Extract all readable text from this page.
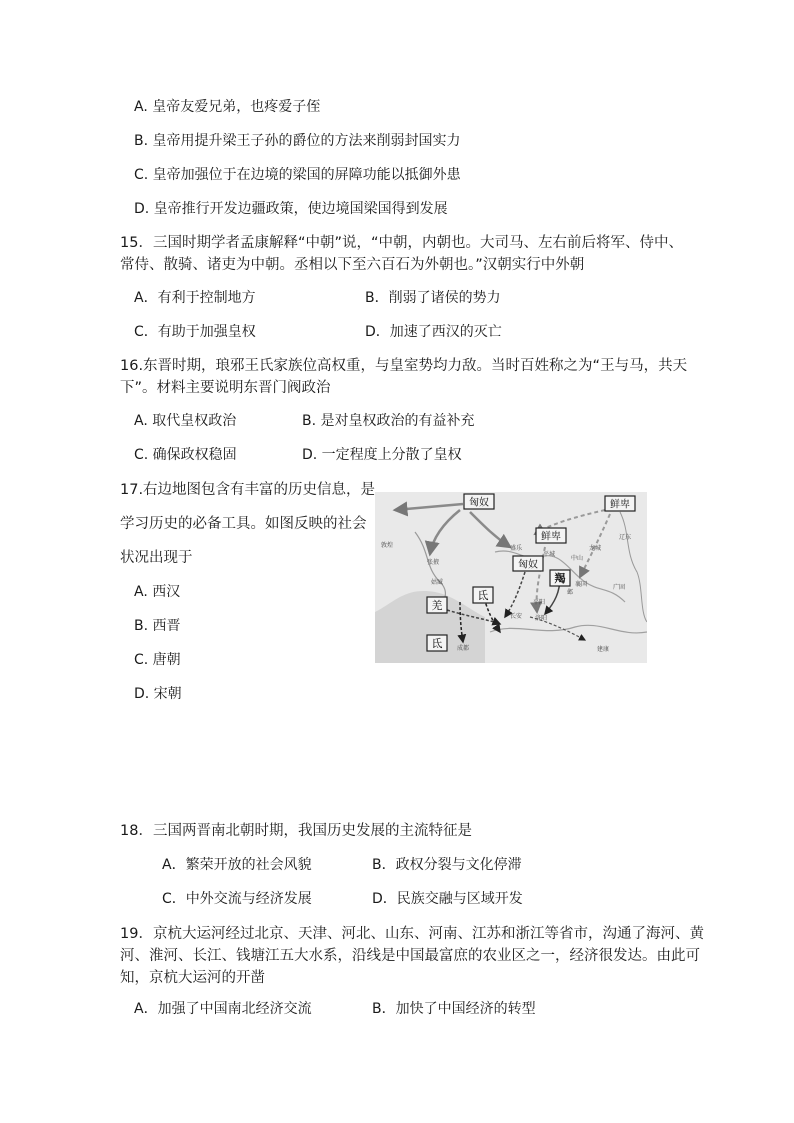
A. 皇帝友爱兄弟，也疼爱子侄
B. 皇帝用提升梁王子孙的爵位的方法来削弱封国实力
C. 皇帝加强位于在边境的梁国的屏障功能以抵御外患
D. 皇帝推行开发边疆政策，使边境国梁国得到发展
15．三国时期学者孟康解释“中朝”说，“中朝，内朝也。大司马、左右前后将军、侍中、
常侍、散骑、诸吏为中朝。丞相以下至六百石为外朝也。”汉朝实行中外朝
A．有利于控制地方	B．削弱了诸侯的势力
C．有助于加强皇权	D．加速了西汉的灭亡
16.东晋时期，琅邪王氏家族位高权重，与皇室势均力敌。当时百姓称之为“王与马，共天
下”。材料主要说明东晋门阀政治
A. 取代皇权政治	B. 是对皇权政治的有益补充
C. 确保政权稳固	D. 一定程度上分散了皇权
17.右边地图包含有丰富的历史信息，是
学习历史的必备工具。如图反映的社会
状况出现于
A. 西汉
B. 西晋
C. 唐朝
D. 宋朝
匈奴	鲜卑
鲜卑
匈奴
羯
羌
氐
氐
敦煌
张掖
姑臧
盛乐
平城
中山
龙城
辽东
平阳
长安 洛阳
邺
襄国	广固
成都	建康
18．三国两晋南北朝时期，我国历史发展的主流特征是
A．繁荣开放的社会风貌	B．政权分裂与文化停滞
C．中外交流与经济发展	D．民族交融与区域开发
19．京杭大运河经过北京、天津、河北、山东、河南、江苏和浙江等省市，沟通了海河、黄
河、淮河、长江、钱塘江五大水系，沿线是中国最富庶的农业区之一，经济很发达。由此可
知，京杭大运河的开凿
A．加强了中国南北经济交流	B．加快了中国经济的转型
